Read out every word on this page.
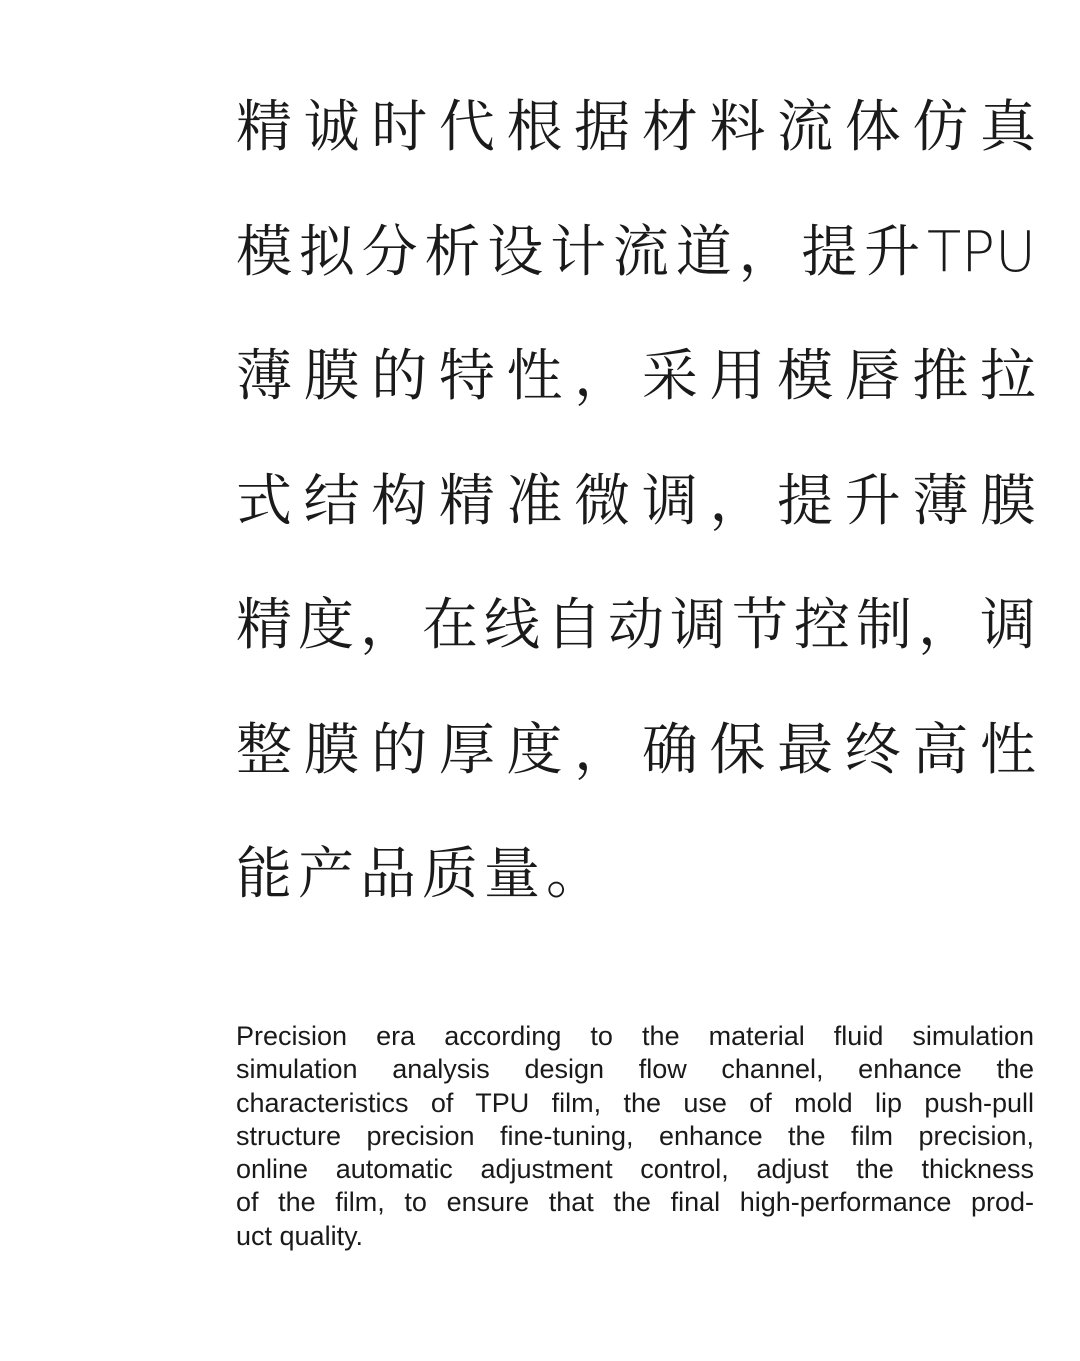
精诚时代根据材料流体仿真
模拟分析设计流道，提升TPU
薄膜的特性，采用模唇推拉
式结构精准微调，提升薄膜
精度，在线自动调节控制，调
整膜的厚度，确保最终高性
能产品质量。
Precision era according to the material fluid simulation
simulation analysis design flow channel, enhance the
characteristics of TPU film, the use of mold lip push-pull
structure precision fine-tuning, enhance the film precision,
online automatic adjustment control, adjust the thickness
of the film, to ensure that the final high-performance prod-
uct quality.
